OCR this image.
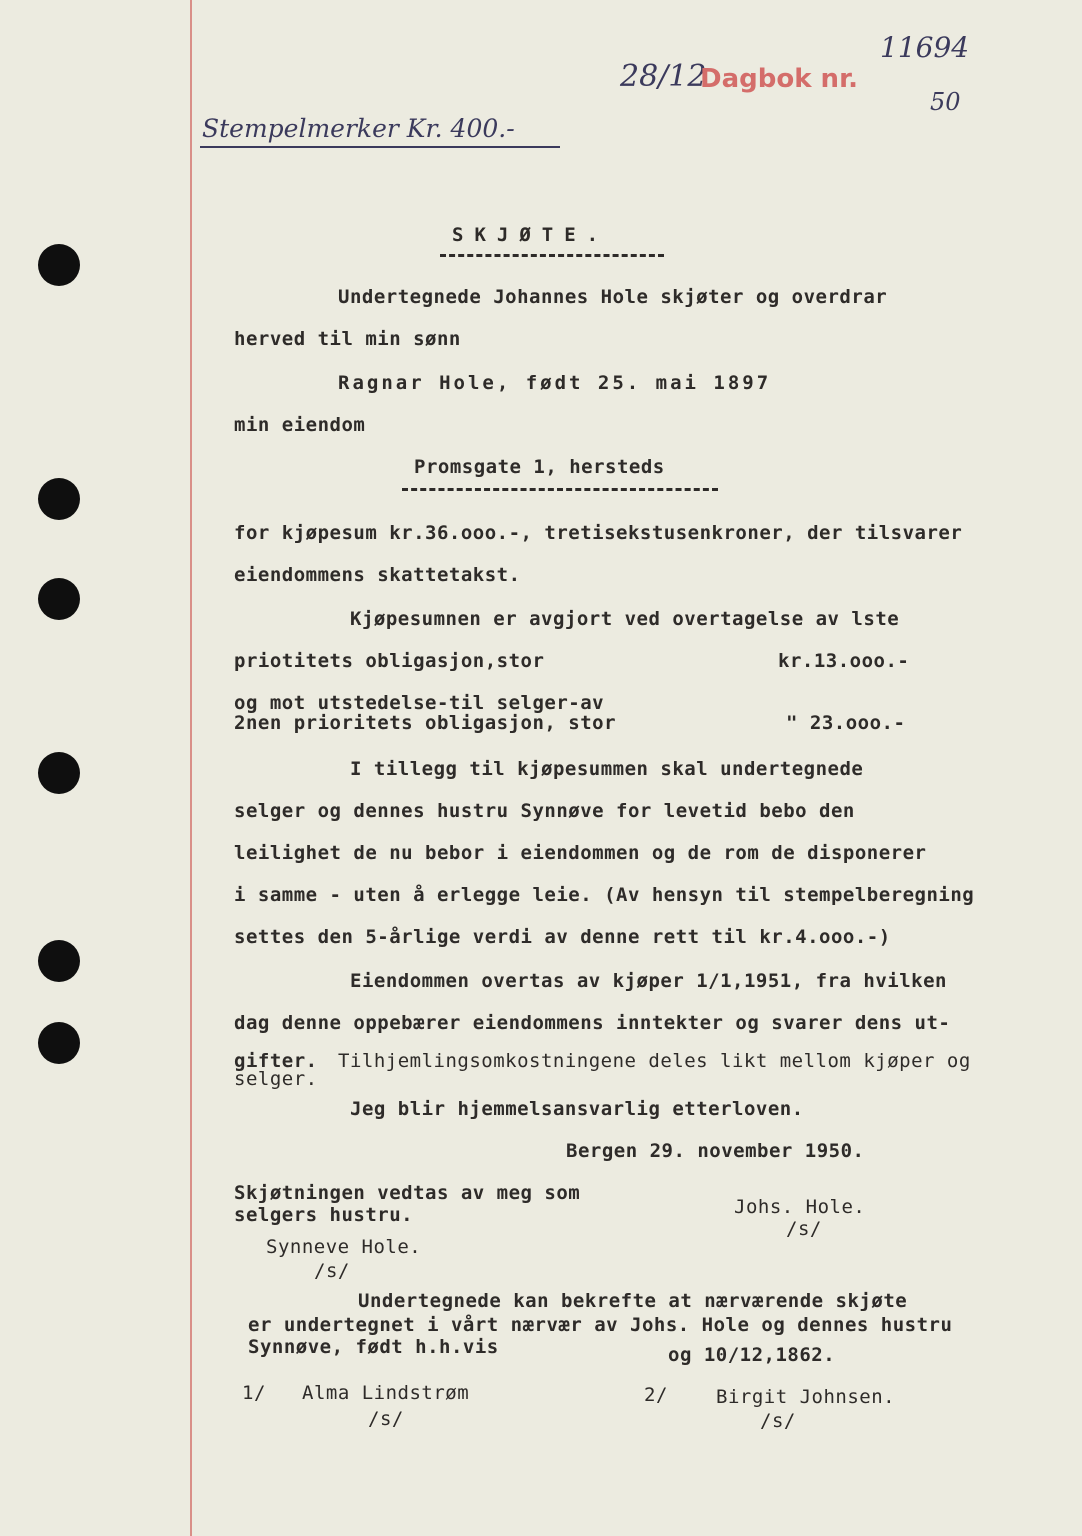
Stempelmerker Kr. 400.-
28/12
Dagbok nr.
11694
50
SKJØTE.
Undertegnede Johannes Hole skjøter og overdrar
herved til min sønn
Ragnar Hole, født 25. mai 1897
min eiendom
Promsgate 1, hersteds
for kjøpesum kr.36.ooo.-, tretisekstusenkroner, der tilsvarer
eiendommens skattetakst.
Kjøpesumnen er avgjort ved overtagelse av lste
priotitets obligasjon,stor	kr.13.ooo.-
og mot utstedelse-til selger-av
2nen prioritets obligasjon, stor	" 23.ooo.-
I tillegg til kjøpesummen skal undertegnede
selger og dennes hustru Synnøve for levetid bebo den
leilighet de nu bebor i eiendommen og de rom de disponerer
i samme - uten å erlegge leie. (Av hensyn til stempelberegning
settes den 5-årlige verdi av denne rett til kr.4.ooo.-)
Eiendommen overtas av kjøper 1/1,1951, fra hvilken
dag denne oppebærer eiendommens inntekter og svarer dens ut-
gifter. Tilhjemlingsomkostningene deles likt mellom kjøper og
selger.
Jeg blir hjemmelsansvarlig etterloven.
Bergen 29. november 1950.
Skjøtningen vedtas av meg som
selgers hustru.	Johs. Hole.
/s/
Synneve Hole.
/s/
Undertegnede kan bekrefte at nærværende skjøte
er undertegnet i vårt nærvær av Johs. Hole og dennes hustru
Synnøve, født h.h.vis	og 10/12,1862.
1/ Alma Lindstrøm
/s/
2/	Birgit Johnsen.
/s/
